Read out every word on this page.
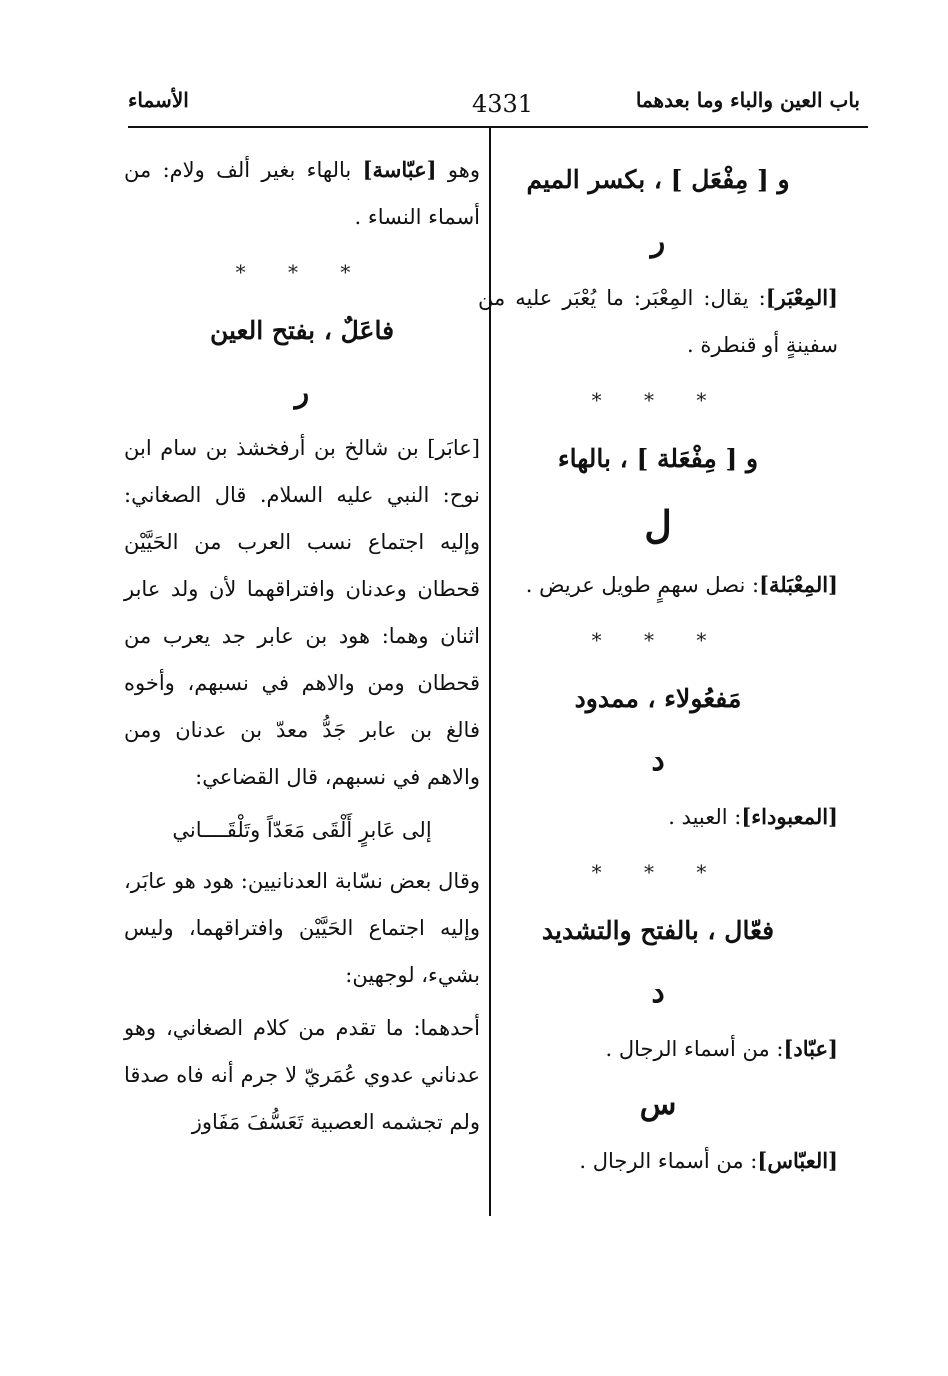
باب العين والباء وما بعدهما
4331
الأسماء
و [ مِفْعَل ] ، بكسر الميم
ر
[المِعْبَر]: يقال: المِعْبَر: ما يُعْبَر عليه من سفينةٍ أو قنطرة .
* * *
و [ مِفْعَلة ] ، بالهاء
ل
[المِعْبَلة]: نصل سهمٍ طويل عريض .
* * *
مَفعُولاء ، ممدود
د
[المعبوداء]: العبيد .
* * *
فعّال ، بالفتح والتشديد
د
[عبّاد]: من أسماء الرجال .
س
[العبّاس]: من أسماء الرجال .
وهو [عبّاسة] بالهاء بغير ألف ولام: من أسماء النساء .
* * *
فاعَلٌ ، بفتح العين
ر
[عابَر] بن شالخ بن أرفخشذ بن سام ابن نوح: النبي عليه السلام. قال الصغاني: وإليه اجتماع نسب العرب من الحَيَّيْن قحطان وعدنان وافتراقهما لأن ولد عابر اثنان وهما: هود بن عابر جد يعرب من قحطان ومن والاهم في نسبهم، وأخوه فالغ بن عابر جَدُّ معدّ بن عدنان ومن والاهم في نسبهم، قال القضاعي:
إلى عَابرٍ أَلْقَى مَعَدّاً وتَلْقَــــاني
وقال بعض نسّابة العدنانيين: هود هو عابَر، وإليه اجتماع الحَيَّيْن وافتراقهما، وليس بشيء، لوجهين:
أحدهما: ما تقدم من كلام الصغاني، وهو عدناني عدوي عُمَريّ لا جرم أنه فاه صدقا ولم تجشمه العصبية تَعَسُّفَ مَفَاوز
